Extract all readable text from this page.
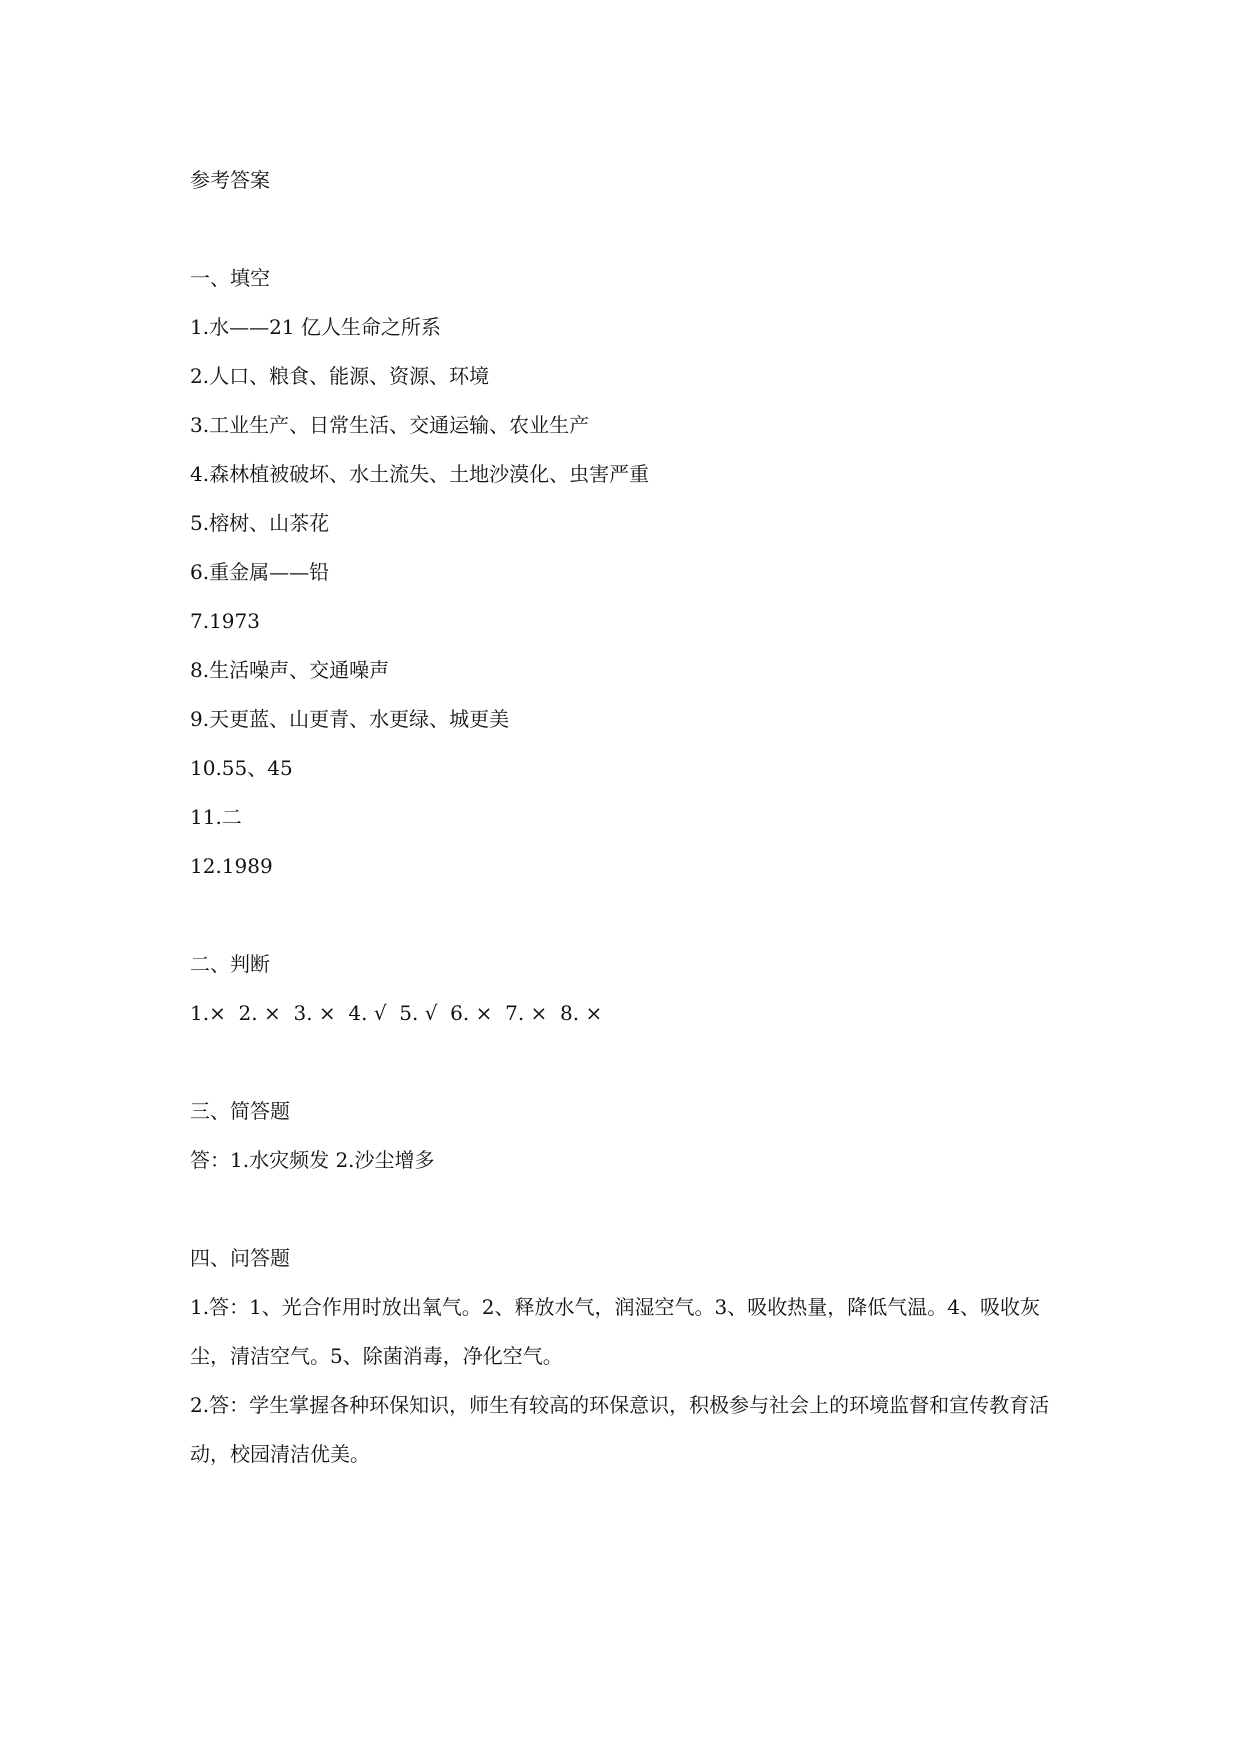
参考答案
一、填空
1.水——21 亿人生命之所系
2.人口、粮食、能源、资源、环境
3.工业生产、日常生活、交通运输、农业生产
4.森林植被破坏、水土流失、土地沙漠化、虫害严重
5.榕树、山茶花
6.重金属——铅
7.1973
8.生活噪声、交通噪声
9.天更蓝、山更青、水更绿、城更美
10.55、45
11.二
12.1989
二、判断
1.×  2. ×  3. ×  4. √  5. √  6. ×  7. ×  8. ×
三、简答题
答：1.水灾频发 2.沙尘增多
四、问答题
1.答：1、光合作用时放出氧气。2、释放水气，润湿空气。3、吸收热量，降低气温。4、吸收灰尘，清洁空气。5、除菌消毒，净化空气。
2.答：学生掌握各种环保知识，师生有较高的环保意识，积极参与社会上的环境监督和宣传教育活动，校园清洁优美。
